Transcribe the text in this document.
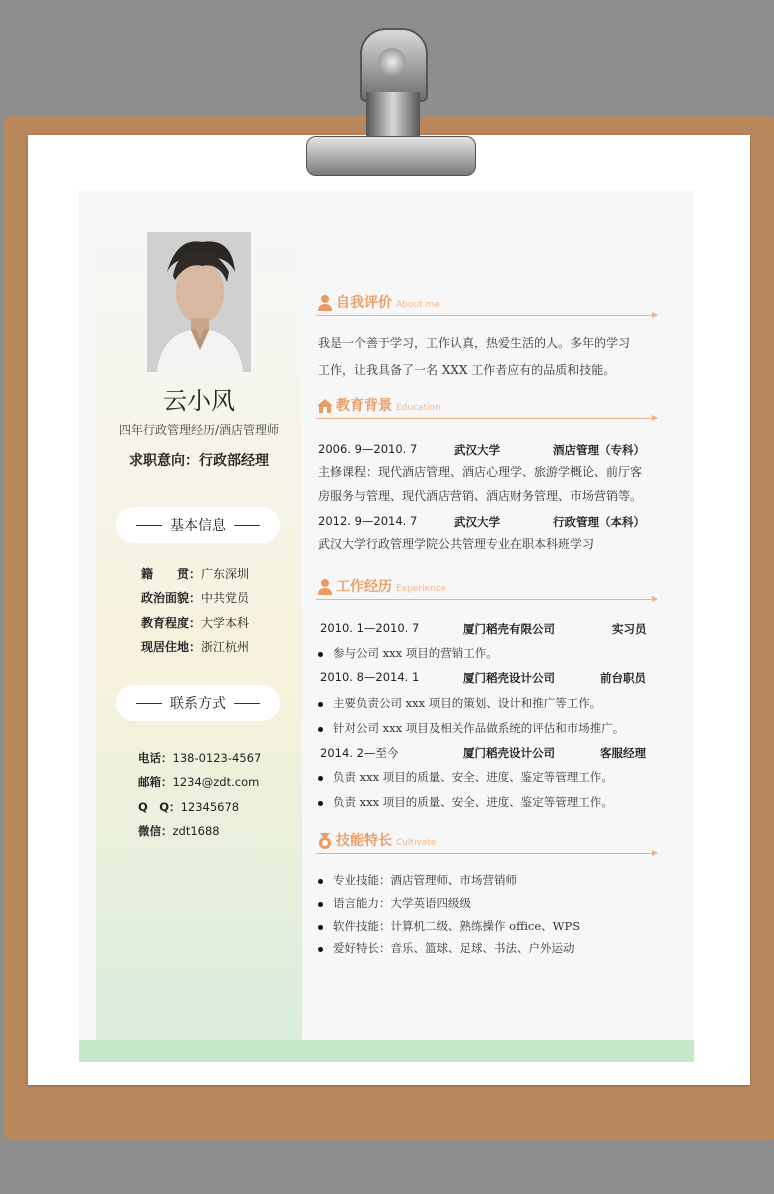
云小风
四年行政管理经历/酒店管理师
求职意向：行政部经理
基本信息
籍　　贯：广东深圳
政治面貌：中共党员
教育程度：大学本科
现居住地：浙江杭州
联系方式
电话：138-0123-4567
邮箱：1234@zdt.com
Q　Q：12345678
微信：zdt1688
自我评价 About me
我是一个善于学习，工作认真，热爱生活的人。多年的学习
工作，让我具备了一名 XXX 工作者应有的品质和技能。
教育背景 Education
2006. 9—2010. 7	武汉大学	酒店管理（专科）
主修课程：现代酒店管理、酒店心理学、旅游学概论、前厅客
房服务与管理、现代酒店营销、酒店财务管理、市场营销等。
2012. 9—2014. 7	武汉大学	行政管理（本科）
武汉大学行政管理学院公共管理专业在职本科班学习
工作经历 Experience
2010. 1—2010. 7	厦门稻壳有限公司	实习员
参与公司 xxx 项目的营销工作。
2010. 8—2014. 1	厦门稻壳设计公司	前台职员
主要负责公司 xxx 项目的策划、设计和推广等工作。
针对公司 xxx 项目及相关作品做系统的评估和市场推广。
2014. 2—至今	厦门稻壳设计公司	客服经理
负责 xxx 项目的质量、安全、进度、鉴定等管理工作。
负责 xxx 项目的质量、安全、进度、鉴定等管理工作。
技能特长 Cultivate
专业技能：酒店管理师、市场营销师
语言能力：大学英语四级级
软件技能：计算机二级、熟练操作 office、WPS
爱好特长：音乐、篮球、足球、书法、户外运动
